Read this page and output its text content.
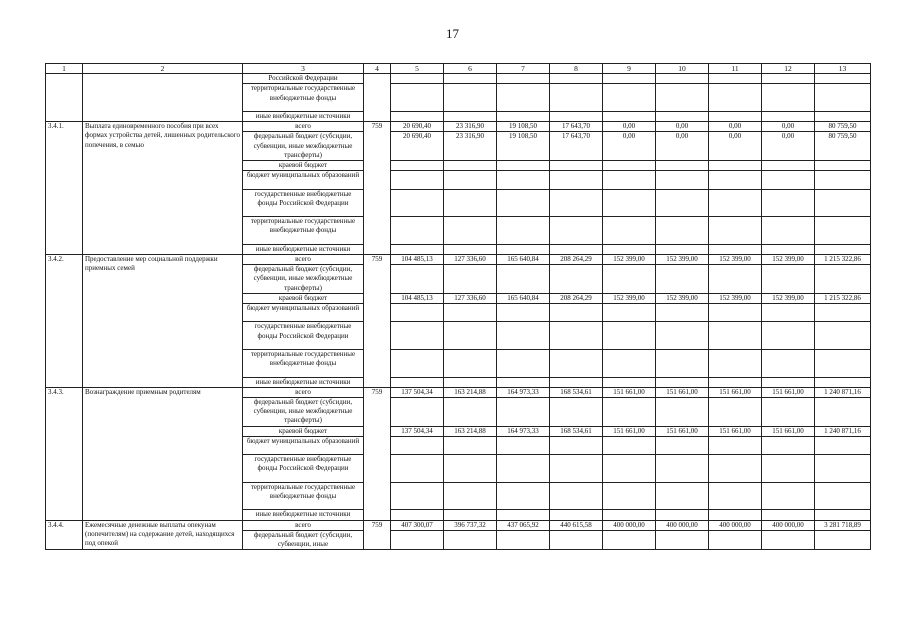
17
1	2	3	4	5	6	7	8	9	10	11	12	13
		Российской Федерации										
		территориальные государственные внебюджетные фонды										
		иные внебюджетные источники										
3.4.1.	Выплата единовременного пособия при всех формах устройства детей, лишенных родительского попечения, в семью	всего	759	20 690,40	23 316,90	19 108,50	17 643,70	0,00	0,00	0,00	0,00	80 759,50
		федеральный бюджет (субсидии, субвенции, иные межбюджетные трансферты)		20 690,40	23 316,90	19 108,50	17 643,70	0,00	0,00	0,00	0,00	80 759,50
		краевой бюджет										
		бюджет муниципальных образований										
		государственные внебюджетные фонды Российской Федерации										
		территориальные государственные внебюджетные фонды										
		иные внебюджетные источники										
3.4.2.	Предоставление мер социальной поддержки приемных семей	всего	759	104 485,13	127 336,60	165 640,84	208 264,29	152 399,00	152 399,00	152 399,00	152 399,00	1 215 322,86
		федеральный бюджет (субсидии, субвенции, иные межбюджетные трансферты)										
		краевой бюджет		104 485,13	127 336,60	165 640,84	208 264,29	152 399,00	152 399,00	152 399,00	152 399,00	1 215 322,86
		бюджет муниципальных образований										
		государственные внебюджетные фонды Российской Федерации										
		территориальные государственные внебюджетные фонды										
		иные внебюджетные источники										
3.4.3.	Вознаграждение приемным родителям	всего	759	137 504,34	163 214,88	164 973,33	168 534,61	151 661,00	151 661,00	151 661,00	151 661,00	1 240 871,16
		федеральный бюджет (субсидии, субвенции, иные межбюджетные трансферты)										
		краевой бюджет		137 504,34	163 214,88	164 973,33	168 534,61	151 661,00	151 661,00	151 661,00	151 661,00	1 240 871,16
		бюджет муниципальных образований										
		государственные внебюджетные фонды Российской Федерации										
		территориальные государственные внебюджетные фонды										
		иные внебюджетные источники										
3.4.4.	Ежемесячные денежные выплаты опекунам (попечителям) на содержание детей, находящихся под опекой	всего	759	407 300,07	396 737,32	437 065,92	440 615,58	400 000,00	400 000,00	400 000,00	400 000,00	3 281 718,89
		федеральный бюджет (субсидии, субвенции, иные										
